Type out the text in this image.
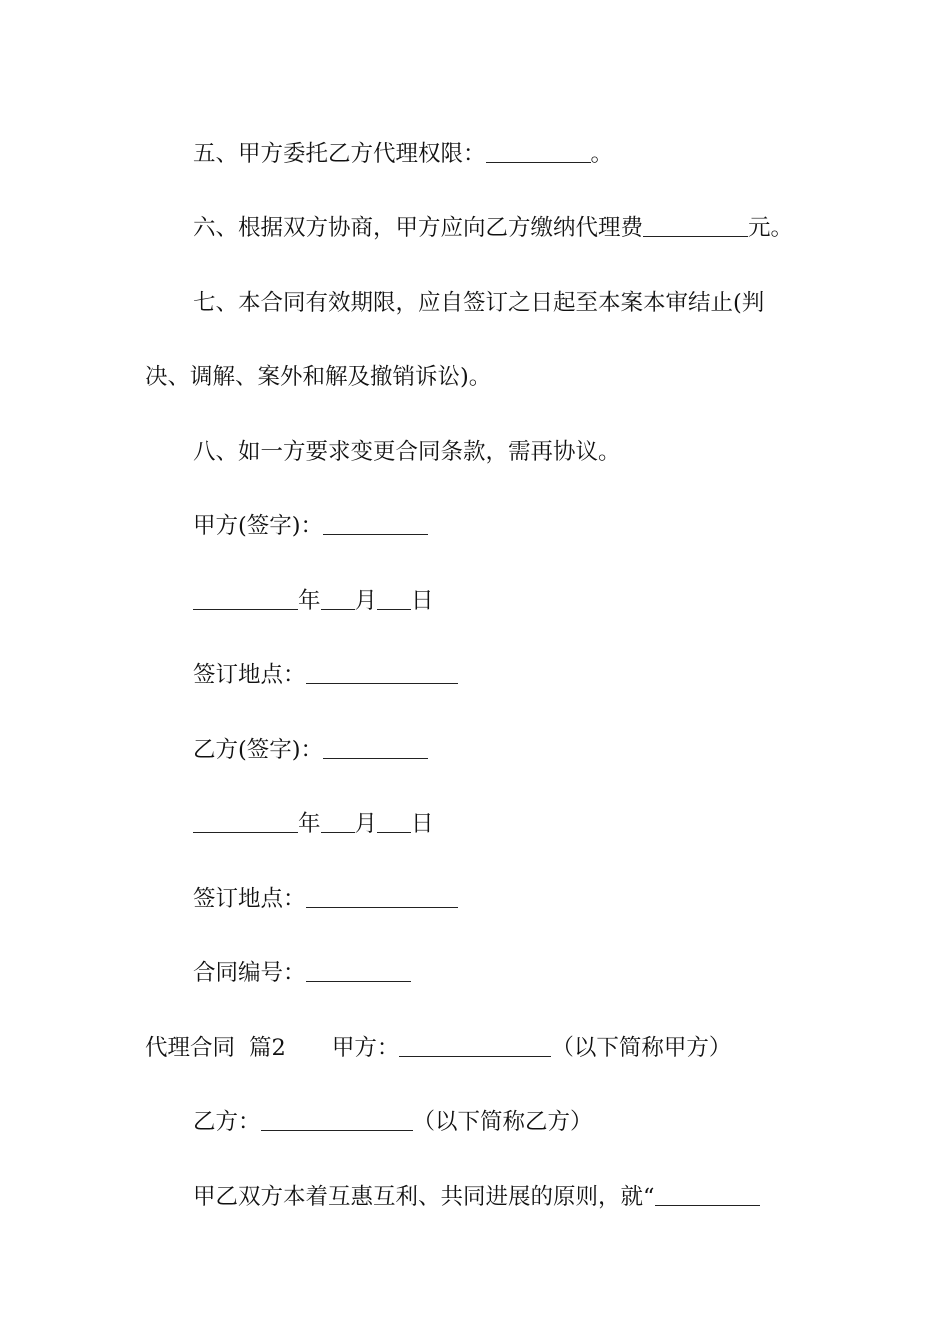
五、甲方委托乙方代理权限：	。
六、根据双方协商，甲方应向乙方缴纳代理费	元。
七、本合同有效期限，应自签订之日起至本案本审结止(判
决、调解、案外和解及撤销诉讼)。
八、如一方要求变更合同条款，需再协议。
甲方(签字)：
年 月 日
签订地点：
乙方(签字)：
年 月 日
签订地点：
合同编号：
代理合同 篇2 甲方：	（以下简称甲方）
乙方：	（以下简称乙方）
甲乙双方本着互惠互利、共同进展的原则，就“
